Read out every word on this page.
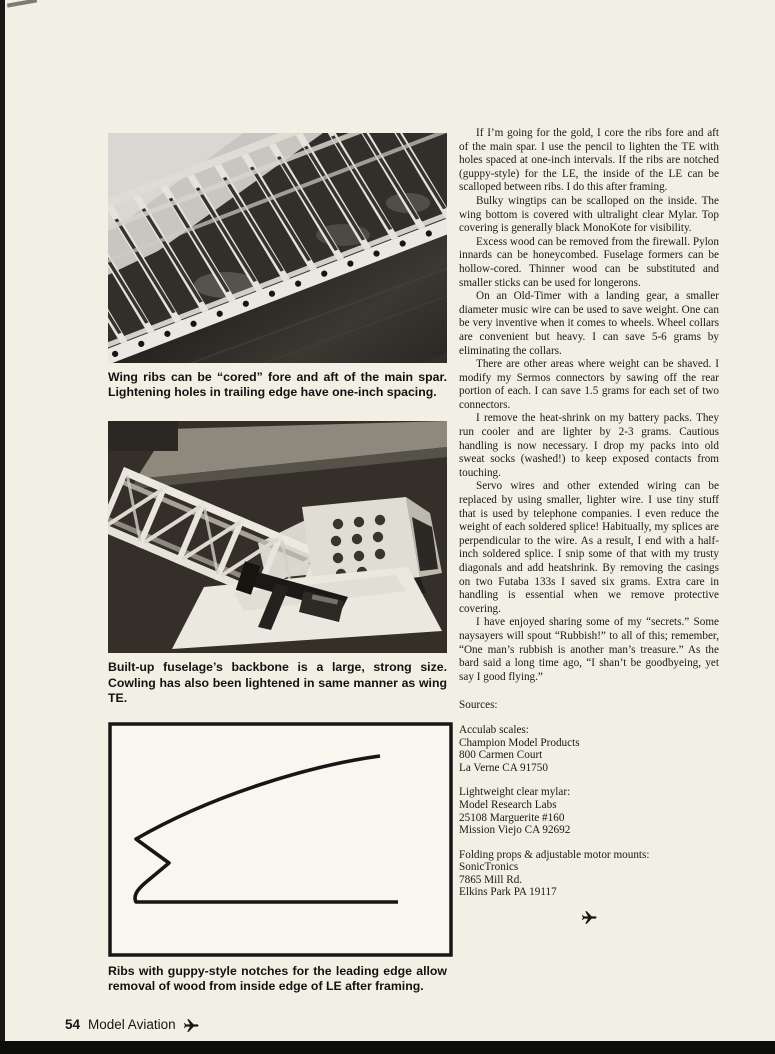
Wing ribs can be “cored” fore and aft of the main spar. Lightening holes in trailing edge have one-inch spacing.
Built-up fuselage’s backbone is a large, strong size. Cowling has also been lightened in same manner as wing TE.
Ribs with guppy-style notches for the leading edge allow removal of wood from inside edge of LE after framing.

If I’m going for the gold, I core the ribs fore and aft of the main spar. I use the pencil to lighten the TE with holes spaced at one-inch intervals. If the ribs are notched (guppy-style) for the LE, the inside of the LE can be scalloped between ribs. I do this after framing.

Bulky wingtips can be scalloped on the inside. The wing bottom is covered with ultralight clear Mylar. Top covering is generally black MonoKote for visibility.

Excess wood can be removed from the firewall. Pylon innards can be honeycombed. Fuselage formers can be hollow-cored. Thinner wood can be substituted and smaller sticks can be used for longerons.

On an Old-Timer with a landing gear, a smaller diameter music wire can be used to save weight. One can be very inventive when it comes to wheels. Wheel collars are convenient but heavy. I can save 5-6 grams by eliminating the collars.

There are other areas where weight can be shaved. I modify my Sermos connectors by sawing off the rear portion of each. I can save 1.5 grams for each set of two connectors.

I remove the heat-shrink on my battery packs. They run cooler and are lighter by 2-3 grams. Cautious handling is now necessary. I drop my packs into old sweat socks (washed!) to keep exposed contacts from touching.

Servo wires and other extended wiring can be replaced by using smaller, lighter wire. I use tiny stuff that is used by telephone companies. I even reduce the weight of each soldered splice! Habitually, my splices are perpendicular to the wire. As a result, I end with a half-inch soldered splice. I snip some of that with my trusty diagonals and add heatshrink. By removing the casings on two Futaba 133s I saved six grams. Extra care in handling is essential when we remove protective covering.

I have enjoyed sharing some of my “secrets.” Some naysayers will spout “Rubbish!” to all of this; remember, “One man’s rubbish is another man’s treasure.” As the bard said a long time ago, “I shan’t be goodbyeing, yet say I good flying.”

Sources:

Acculab scales:
Champion Model Products
800 Carmen Court
La Verne CA 91750
Lightweight clear mylar:
Model Research Labs
25108 Marguerite #160
Mission Viejo CA 92692
Folding props & adjustable motor mounts:
SonicTronics
7865 Mill Rd.
Elkins Park PA 19117
54 Model Aviation
